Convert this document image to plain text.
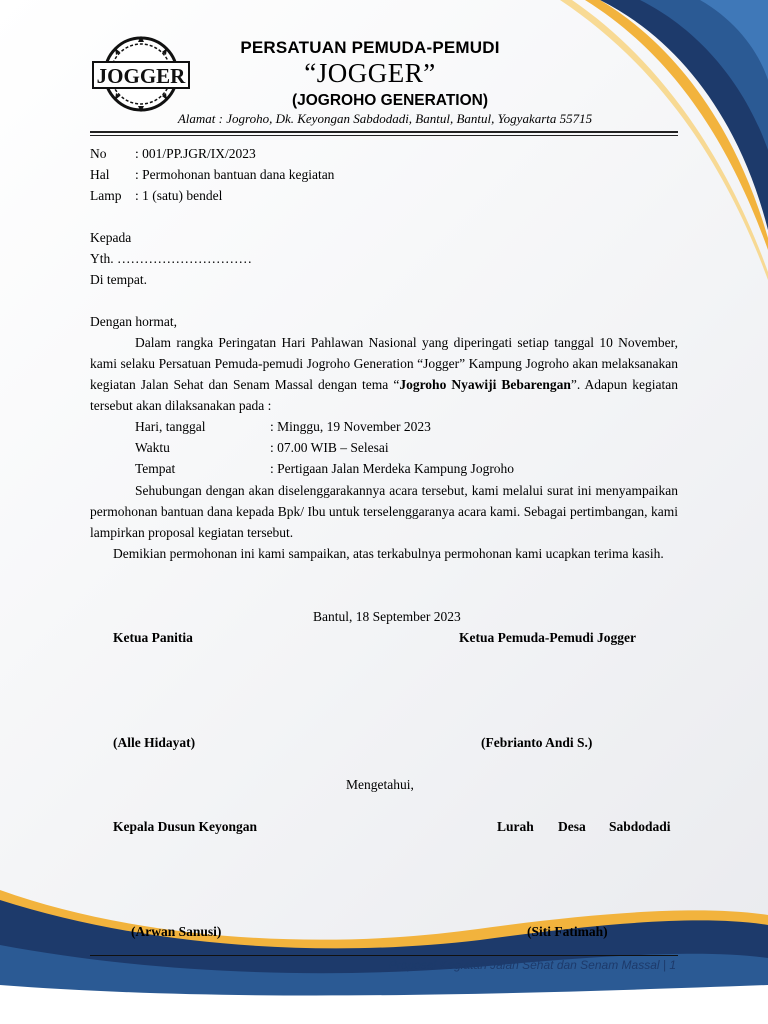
JOGGER
PERSATUAN PEMUDA-PEMUDI
“JOGGER”
(JOGROHO GENERATION)
Alamat : Jogroho, Dk. Keyongan Sabdodadi, Bantul, Bantul, Yogyakarta 55715
No : 001/PP.JGR/IX/2023
Hal : Permohonan bantuan dana kegiatan
Lamp : 1 (satu) bendel
Kepada
Yth. …………………………
Di tempat.
Dengan hormat,
Dalam rangka Peringatan Hari Pahlawan Nasional yang diperingati setiap tanggal 10 November, kami selaku Persatuan Pemuda-pemudi Jogroho Generation “Jogger” Kampung Jogroho akan melaksanakan kegiatan Jalan Sehat dan Senam Massal dengan tema “Jogroho Nyawiji Bebarengan”. Adapun kegiatan tersebut akan dilaksanakan pada :
Hari, tanggal	: Minggu, 19 November 2023
Waktu	: 07.00 WIB – Selesai
Tempat	: Pertigaan Jalan Merdeka Kampung Jogroho
Sehubungan dengan akan diselenggarakannya acara tersebut, kami melalui surat ini menyampaikan permohonan bantuan dana kepada Bpk/ Ibu untuk terselenggaranya acara kami. Sebagai pertimbangan, kami lampirkan proposal kegiatan tersebut.
Demikian permohonan ini kami sampaikan, atas terkabulnya permohonan kami ucapkan terima kasih.
Bantul, 18 September 2023
Ketua Panitia	Ketua Pemuda-Pemudi Jogger
(Alle Hidayat)	(Febrianto Andi S.)
Mengetahui,
Kepala Dusun Keyongan	Lurah Desa Sabdodadi
(Arwan Sanusi)	(Siti Fatimah)
Proposal Kegiatan Jalan Sehat dan Senam Massal | 1
